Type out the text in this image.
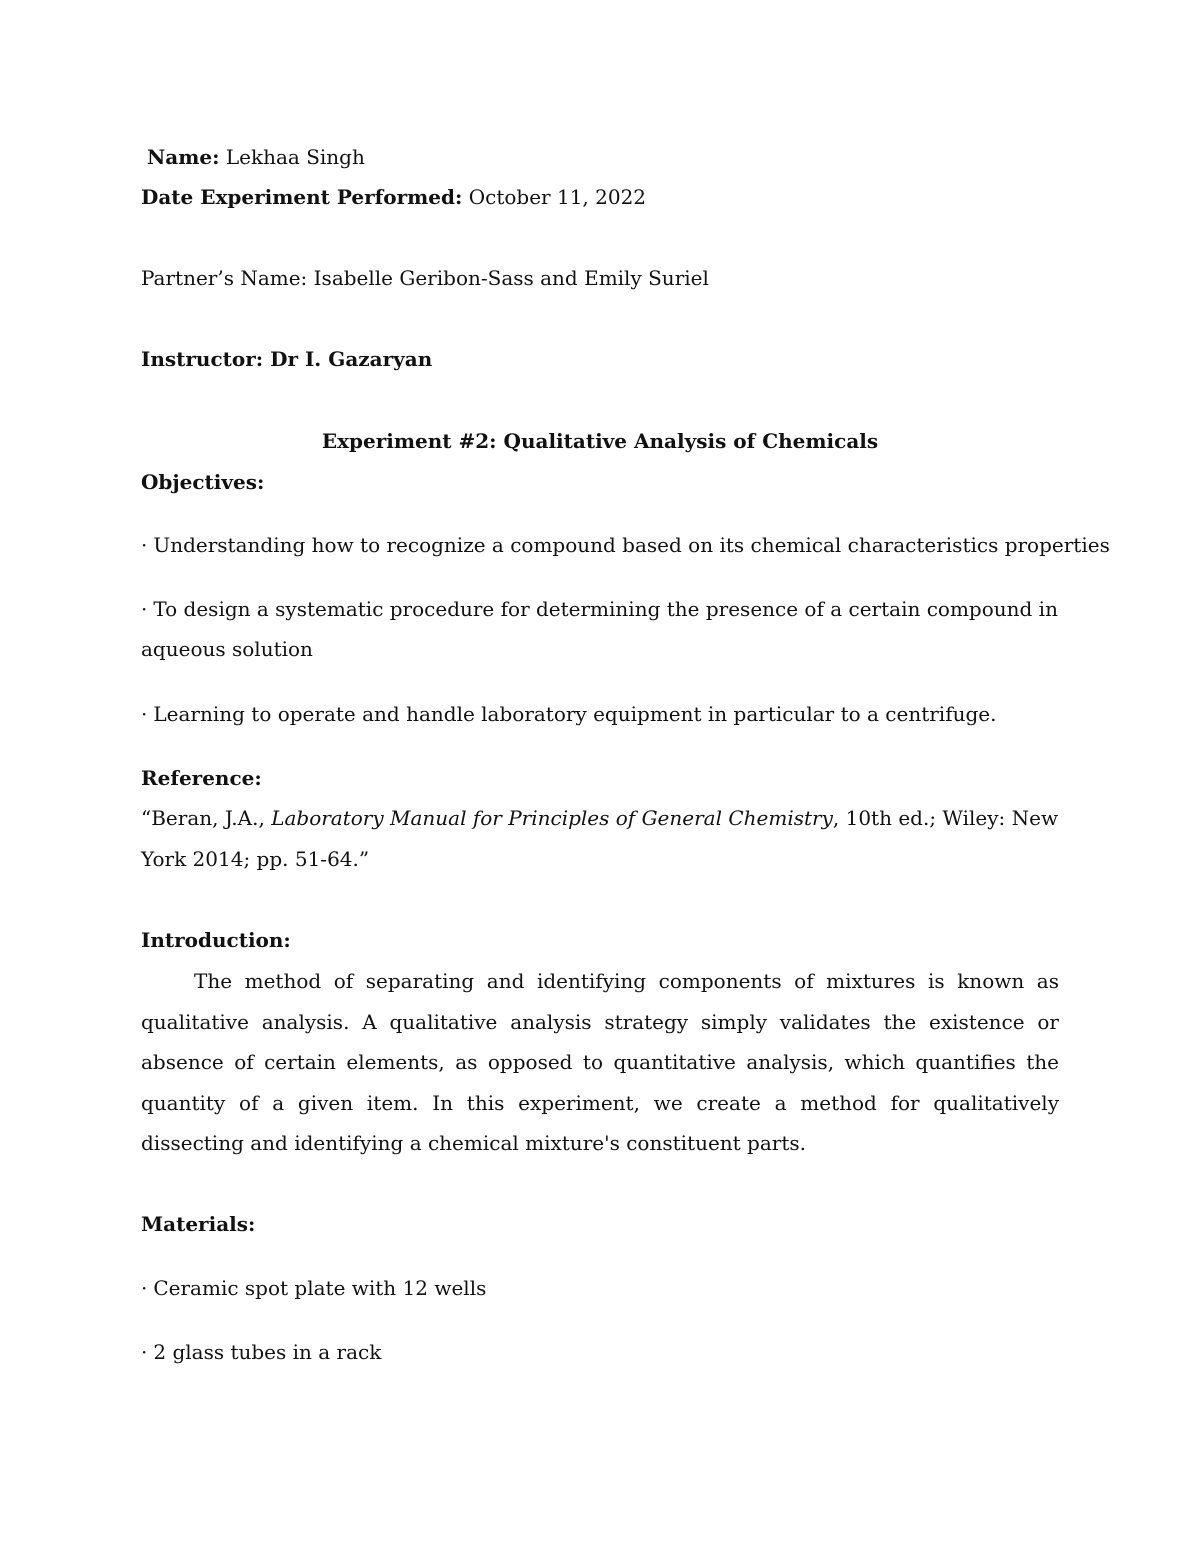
Name: Lekhaa Singh

Date Experiment Performed: October 11, 2022

Partner’s Name: Isabelle Geribon-Sass and Emily Suriel

Instructor: Dr I. Gazaryan

Experiment #2: Qualitative Analysis of Chemicals

Objectives:

· Understanding how to recognize a compound based on its chemical characteristics properties

· To design a systematic procedure for determining the presence of a certain compound in

aqueous solution

· Learning to operate and handle laboratory equipment in particular to a centrifuge.

Reference:

“Beran, J.A., Laboratory Manual for Principles of General Chemistry, 10th ed.; Wiley: New

York 2014; pp. 51-64.”

Introduction:

The method of separating and identifying components of mixtures is known as qualitative analysis. A qualitative analysis strategy simply validates the existence or absence of certain elements, as opposed to quantitative analysis, which quantifies the quantity of a given item. In this experiment, we create a method for qualitatively dissecting and identifying a chemical mixture's constituent parts.

Materials:

· Ceramic spot plate with 12 wells

· 2 glass tubes in a rack
